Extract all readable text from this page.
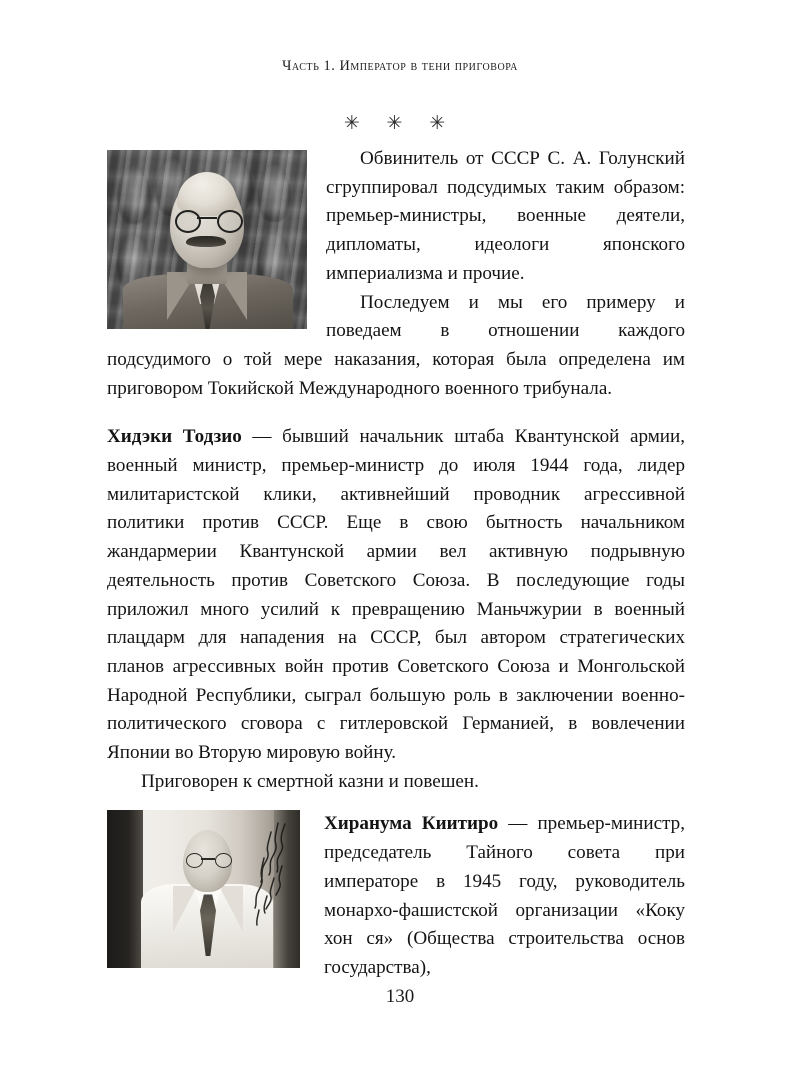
Часть 1. Император в тени приговора
✳ ✳ ✳

Обвинитель от СССР С. А. Голунский сгруппировал подсудимых таким образом: премьер-министры, военные деятели, дипломаты, идеологи японского империализма и прочие.

Последуем и мы его примеру и поведаем в отношении каждого подсудимого о той мере наказания, которая была определена им приговором Токийской Международного военного трибунала.

Хидэки Тодзио — бывший начальник штаба Квантунской армии, военный министр, премьер-министр до июля 1944 года, лидер милитаристской клики, активнейший проводник агрессивной политики против СССР. Еще в свою бытность начальником жандармерии Квантунской армии вел активную подрывную деятельность против Советского Союза. В последующие годы приложил много усилий к превращению Маньчжурии в военный плацдарм для нападения на СССР, был автором стратегических планов агрессивных войн против Советского Союза и Монгольской Народной Республики, сыграл большую роль в заключении военно-политического сговора с гитлеровской Германией, в вовлечении Японии во Вторую мировую войну.

Приговорен к смертной казни и повешен.

Хиранума Киитиро — премьер-министр, председатель Тайного совета при императоре в 1945 году, руководитель монархо-фашистской организации «Коку хон ся» (Общества строительства основ государства),

130
